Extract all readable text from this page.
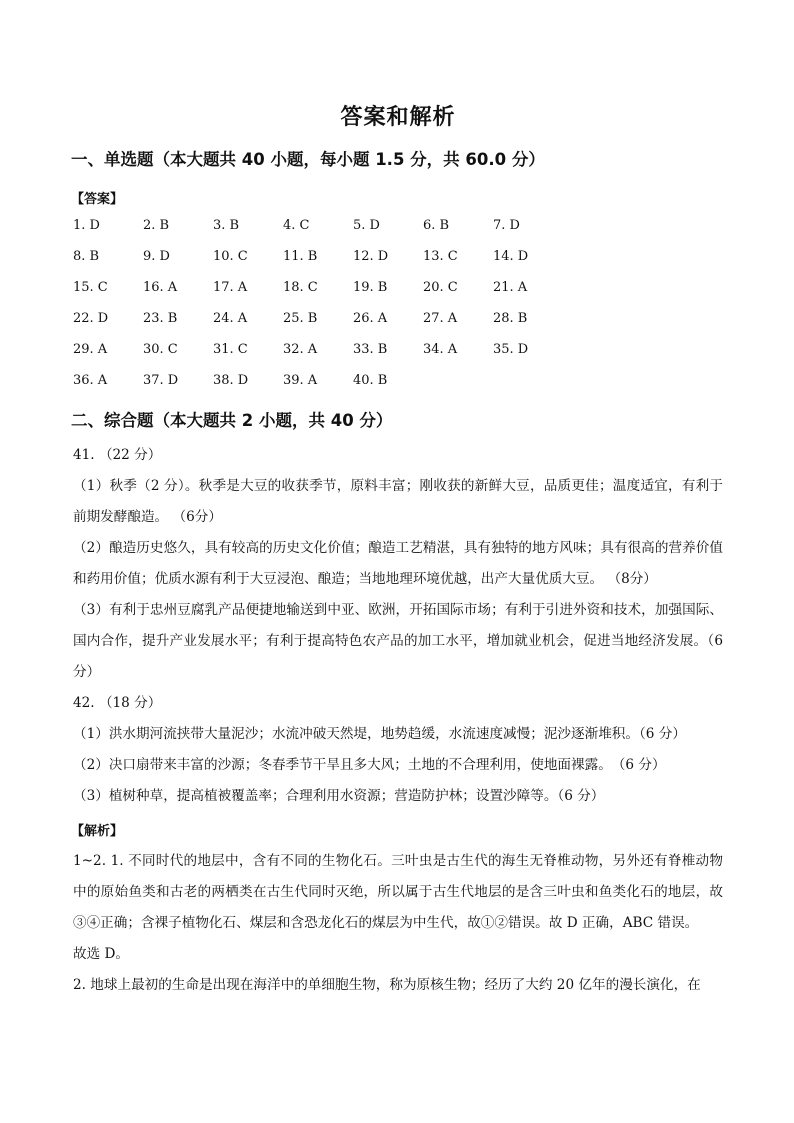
答案和解析
一、单选题（本大题共 40 小题，每小题 1.5 分，共 60.0 分）
【答案】
1. D	2. B	3. B	4. C	5. D	6. B	7. D
8. B	9. D	10. C	11. B	12. D	13. C	14. D
15. C	16. A	17. A	18. C	19. B	20. C	21. A
22. D	23. B	24. A	25. B	26. A	27. A	28. B
29. A	30. C	31. C	32. A	33. B	34. A	35. D
36. A	37. D	38. D	39. A	40. B
二、综合题（本大题共 2 小题，共 40 分）

41. （22 分）

（1）秋季（2 分）。秋季是大豆的收获季节，原料丰富；刚收获的新鲜大豆，品质更佳；温度适宜，有利于前期发酵酿造。 （6分）

（2）酿造历史悠久，具有较高的历史文化价值；酿造工艺精湛，具有独特的地方风味；具有很高的营养价值和药用价值；优质水源有利于大豆浸泡、酿造；当地地理环境优越，出产大量优质大豆。 （8分）

（3）有利于忠州豆腐乳产品便捷地输送到中亚、欧洲，开拓国际市场；有利于引进外资和技术，加强国际、国内合作，提升产业发展水平；有利于提高特色农产品的加工水平，增加就业机会，促进当地经济发展。（6 分）

42. （18 分）

（1）洪水期河流挟带大量泥沙；水流冲破天然堤，地势趋缓，水流速度减慢；泥沙逐渐堆积。（6 分）

（2）决口扇带来丰富的沙源；冬春季节干旱且多大风；土地的不合理利用，使地面裸露。　（6 分）

（3）植树种草，提高植被覆盖率；合理利用水资源；营造防护林；设置沙障等。（6 分）

【解析】

1~2. 1. 不同时代的地层中，含有不同的生物化石。三叶虫是古生代的海生无脊椎动物，另外还有脊椎动物中的原始鱼类和古老的两栖类在古生代同时灭绝，所以属于古生代地层的是含三叶虫和鱼类化石的地层，故③④正确；含裸子植物化石、煤层和含恐龙化石的煤层为中生代，故①②错误。故 D 正确，ABC 错误。

故选 D。

2. 地球上最初的生命是出现在海洋中的单细胞生物，称为原核生物；经历了大约 20 亿年的漫长演化，在
